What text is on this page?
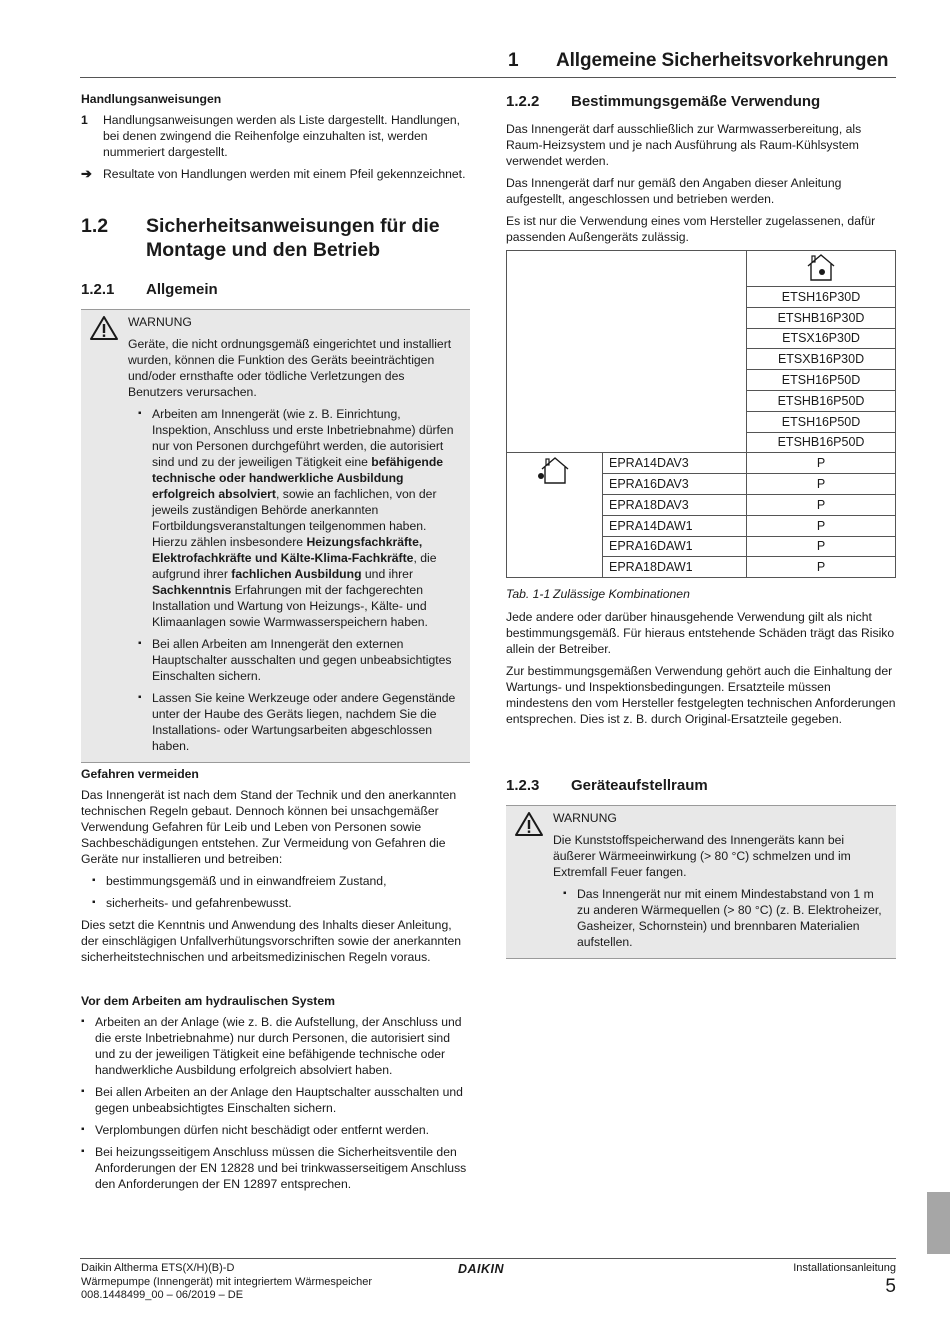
1 Allgemeine Sicherheitsvorkehrungen
Handlungsanweisungen
1	Handlungsanweisungen werden als Liste dargestellt. Handlungen, bei denen zwingend die Reihenfolge einzuhalten ist, werden nummeriert dargestellt.
➔ Resultate von Handlungen werden mit einem Pfeil gekennzeichnet.
1.2	Sicherheitsanweisungen für die Montage und den Betrieb
1.2.1	Allgemein
WARNUNG
Geräte, die nicht ordnungsgemäß eingerichtet und installiert wurden, können die Funktion des Geräts beeinträchtigen und/oder ernsthafte oder tödliche Verletzungen des Benutzers verursachen.
▪ Arbeiten am Innengerät (wie z. B. Einrichtung, Inspektion, Anschluss und erste Inbetriebnahme) dürfen nur von Personen durchgeführt werden, die autorisiert sind und zu der jeweiligen Tätigkeit eine befähigende technische oder handwerkliche Ausbildung erfolgreich absolviert, sowie an fachlichen, von der jeweils zuständigen Behörde anerkannten Fortbildungsveranstaltungen teilgenommen haben. Hierzu zählen insbesondere Heizungsfachkräfte, Elektrofachkräfte und Kälte-Klima-Fachkräfte, die aufgrund ihrer fachlichen Ausbildung und ihrer Sachkenntnis Erfahrungen mit der fachgerechten Installation und Wartung von Heizungs-, Kälte- und Klimaanlagen sowie Warmwasserspeichern haben.
▪ Bei allen Arbeiten am Innengerät den externen Hauptschalter ausschalten und gegen unbeabsichtigtes Einschalten sichern.
▪ Lassen Sie keine Werkzeuge oder andere Gegenstände unter der Haube des Geräts liegen, nachdem Sie die Installations- oder Wartungsarbeiten abgeschlossen haben.
Gefahren vermeiden
Das Innengerät ist nach dem Stand der Technik und den anerkannten technischen Regeln gebaut. Dennoch können bei unsachgemäßer Verwendung Gefahren für Leib und Leben von Personen sowie Sachbeschädigungen entstehen. Zur Vermeidung von Gefahren die Geräte nur installieren und betreiben:
▪ bestimmungsgemäß und in einwandfreiem Zustand,
▪ sicherheits- und gefahrenbewusst.
Dies setzt die Kenntnis und Anwendung des Inhalts dieser Anleitung, der einschlägigen Unfallverhütungsvorschriften sowie der anerkannten sicherheitstechnischen und arbeitsmedizinischen Regeln voraus.
Vor dem Arbeiten am hydraulischen System
▪ Arbeiten an der Anlage (wie z. B. die Aufstellung, der Anschluss und die erste Inbetriebnahme) nur durch Personen, die autorisiert sind und zu der jeweiligen Tätigkeit eine befähigende technische oder handwerkliche Ausbildung erfolgreich absolviert haben.
▪ Bei allen Arbeiten an der Anlage den Hauptschalter ausschalten und gegen unbeabsichtigtes Einschalten sichern.
▪ Verplombungen dürfen nicht beschädigt oder entfernt werden.
▪ Bei heizungsseitigem Anschluss müssen die Sicherheitsventile den Anforderungen der EN 12828 und bei trinkwasserseitigem Anschluss den Anforderungen der EN 12897 entsprechen.
1.2.2	Bestimmungsgemäße Verwendung
Das Innengerät darf ausschließlich zur Warmwasserbereitung, als Raum-Heizsystem und je nach Ausführung als Raum-Kühlsystem verwendet werden.
Das Innengerät darf nur gemäß den Angaben dieser Anleitung aufgestellt, angeschlossen und betrieben werden.
Es ist nur die Verwendung eines vom Hersteller zugelassenen, dafür passenden Außengeräts zulässig.

		ETSH16P30D
		ETSHB16P30D
		ETSX16P30D
		ETSXB16P30D
		ETSH16P50D
		ETSHB16P50D
		ETSH16P50D
		ETSHB16P50D

	EPRA14DAV3	P
	EPRA16DAV3	P
	EPRA18DAV3	P
	EPRA14DAW1	P
	EPRA16DAW1	P
	EPRA18DAW1	P
Tab. 1-1 Zulässige Kombinationen
Jede andere oder darüber hinausgehende Verwendung gilt als nicht bestimmungsgemäß. Für hieraus entstehende Schäden trägt das Risiko allein der Betreiber.
Zur bestimmungsgemäßen Verwendung gehört auch die Einhaltung der Wartungs- und Inspektionsbedingungen. Ersatzteile müssen mindestens den vom Hersteller festgelegten technischen Anforderungen entsprechen. Dies ist z. B. durch Original-Ersatzteile gegeben.
1.2.3	Geräteaufstellraum
WARNUNG
Die Kunststoffspeicherwand des Innengeräts kann bei äußerer Wärmeeinwirkung (> 80 °C) schmelzen und im Extremfall Feuer fangen.
▪ Das Innengerät nur mit einem Mindestabstand von 1 m zu anderen Wärmequellen (> 80 °C) (z. B. Elektroheizer, Gasheizer, Schornstein) und brennbaren Materialien aufstellen.
Daikin Altherma ETS(X/H)(B)-D
Wärmepumpe (Innengerät) mit integriertem Wärmespeicher
008.1448499_00 – 06/2019 – DE
DAIKIN	Installationsanleitung
5
